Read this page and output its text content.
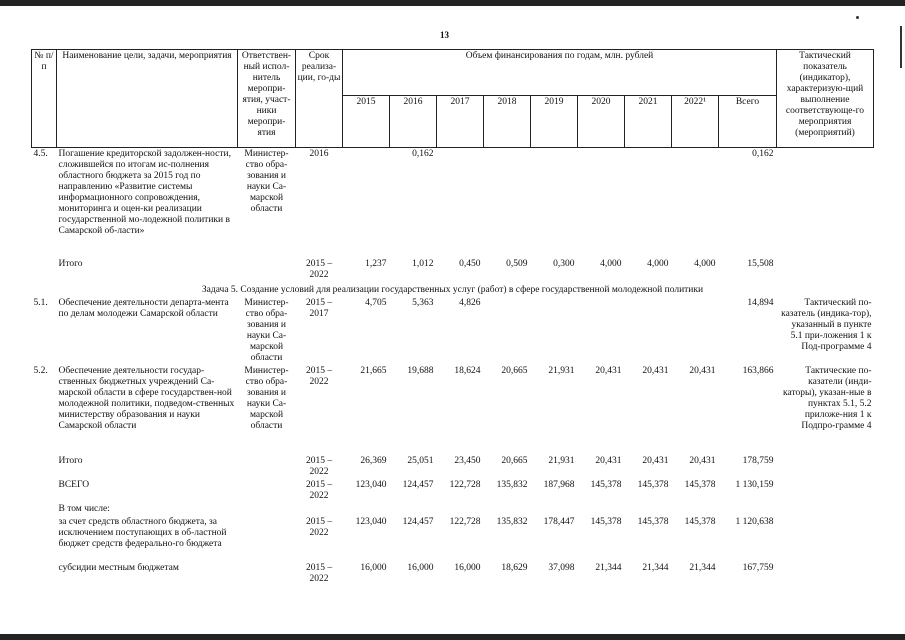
13
№ п/п	Наименование цели, задачи, мероприятия	Ответствен-ный испол-нитель меропри-ятия, участ-ники меропри-ятия	Срок реализа-ции, го-ды	Объем финансирования по годам, млн. рублей									Тактический показатель (индикатор), характеризую-щий выполнение соответствующе-го мероприятия (мероприятий)
				2015	2016	2017	2018	2019	2020	2021	2022¹	Всего	
4.5.	Погашение кредиторской задолжен-ности, сложившейся по итогам ис-полнения областного бюджета за 2015 год по направлению «Развитие системы информационного сопровождения, мониторинга и оцен-ки реализации государственной мо-лодежной политики в Самарской об-ласти»	Министер-ство обра-зования и науки Са-марской области	2016		0,162							0,162	
	Итого		2015 – 2022	1,237	1,012	0,450	0,509	0,300	4,000	4,000	4,000	15,508	
Задача 5. Создание условий для реализации государственных услуг (работ) в сфере государственной молодежной политики													
5.1.	Обеспечение деятельности департа-мента по делам молодежи Самарской области	Министер-ство обра-зования и науки Са-марской области	2015 – 2017	4,705	5,363	4,826						14,894	Тактический по-казатель (индика-тор), указанный в пункте 5.1 при-ложения 1 к Под-программе 4
5.2.	Обеспечение деятельности государ-ственных бюджетных учреждений Са-марской области в сфере государствен-ной молодежной политики, подведом-ственных министерству образования и науки Самарской области	Министер-ство обра-зования и науки Са-марской области	2015 – 2022	21,665	19,688	18,624	20,665	21,931	20,431	20,431	20,431	163,866	Тактические по-казатели (инди-каторы), указан-ные в пунктах 5.1, 5.2 приложе-ния 1 к Подпро-грамме 4
	Итого		2015 – 2022	26,369	25,051	23,450	20,665	21,931	20,431	20,431	20,431	178,759	
	ВСЕГО		2015 – 2022	123,040	124,457	122,728	135,832	187,968	145,378	145,378	145,378	1 130,159	
	В том числе:												
	за счет средств областного бюджета, за исключением поступающих в об-ластной бюджет средств федерально-го бюджета		2015 – 2022	123,040	124,457	122,728	135,832	178,447	145,378	145,378	145,378	1 120,638	
	субсидии местным бюджетам		2015 – 2022	16,000	16,000	16,000	18,629	37,098	21,344	21,344	21,344	167,759	
